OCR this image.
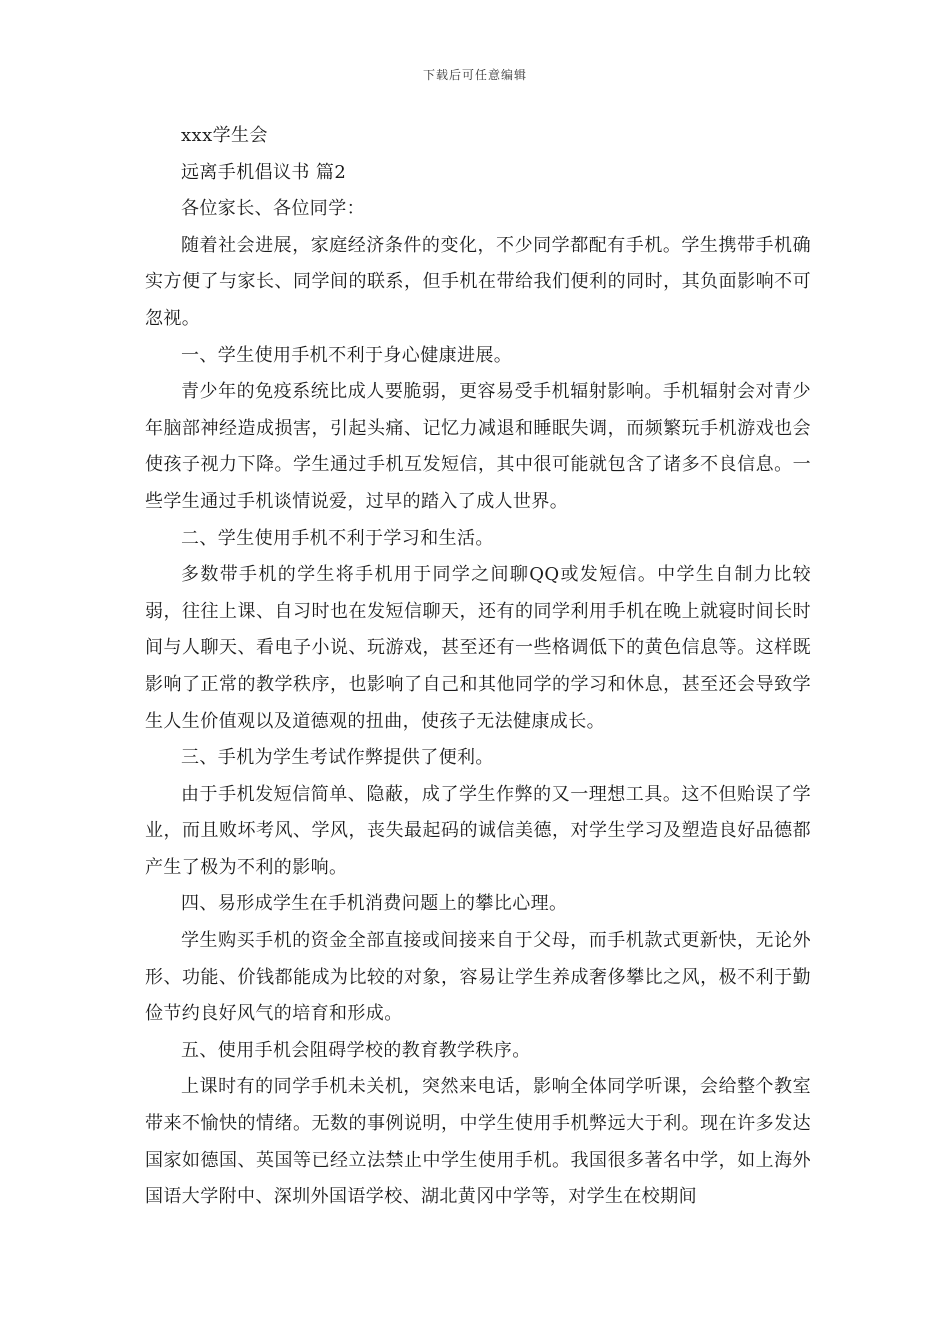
下载后可任意编辑

xxx学生会

远离手机倡议书 篇2

各位家长、各位同学：

随着社会进展，家庭经济条件的变化，不少同学都配有手机。学生携带手机确实方便了与家长、同学间的联系，但手机在带给我们便利的同时，其负面影响不可忽视。

一、学生使用手机不利于身心健康进展。

青少年的免疫系统比成人要脆弱，更容易受手机辐射影响。手机辐射会对青少年脑部神经造成损害，引起头痛、记忆力减退和睡眠失调，而频繁玩手机游戏也会使孩子视力下降。学生通过手机互发短信，其中很可能就包含了诸多不良信息。一些学生通过手机谈情说爱，过早的踏入了成人世界。

二、学生使用手机不利于学习和生活。

多数带手机的学生将手机用于同学之间聊QQ或发短信。中学生自制力比较弱，往往上课、自习时也在发短信聊天，还有的同学利用手机在晚上就寝时间长时间与人聊天、看电子小说、玩游戏，甚至还有一些格调低下的黄色信息等。这样既影响了正常的教学秩序，也影响了自己和其他同学的学习和休息，甚至还会导致学生人生价值观以及道德观的扭曲，使孩子无法健康成长。

三、手机为学生考试作弊提供了便利。

由于手机发短信简单、隐蔽，成了学生作弊的又一理想工具。这不但贻误了学业，而且败坏考风、学风，丧失最起码的诚信美德，对学生学习及塑造良好品德都产生了极为不利的影响。

四、易形成学生在手机消费问题上的攀比心理。

学生购买手机的资金全部直接或间接来自于父母，而手机款式更新快，无论外形、功能、价钱都能成为比较的对象，容易让学生养成奢侈攀比之风，极不利于勤俭节约良好风气的培育和形成。

五、使用手机会阻碍学校的教育教学秩序。

上课时有的同学手机未关机，突然来电话，影响全体同学听课，会给整个教室带来不愉快的情绪。无数的事例说明，中学生使用手机弊远大于利。现在许多发达国家如德国、英国等已经立法禁止中学生使用手机。我国很多著名中学，如上海外国语大学附中、深圳外国语学校、湖北黄冈中学等，对学生在校期间
